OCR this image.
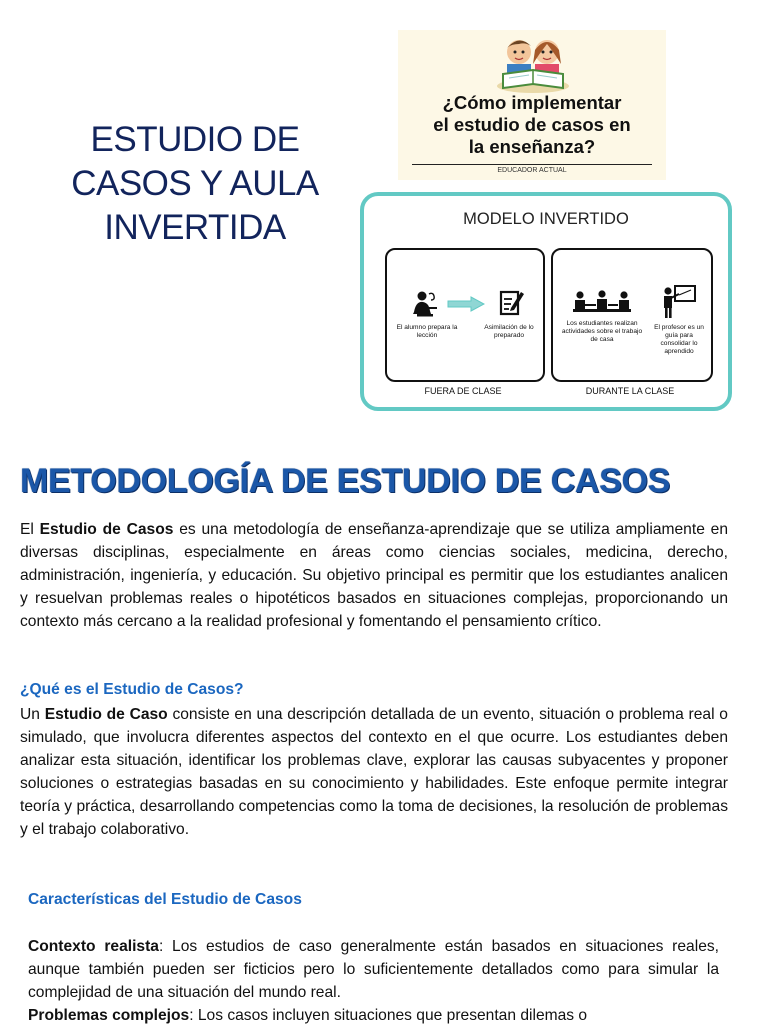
ESTUDIO DE
CASOS Y AULA
INVERTIDA
¿Cómo implementar
el estudio de casos en
la enseñanza?
EDUCADOR ACTUAL
MODELO INVERTIDO
El alumno prepara la lección
Asimilación de lo preparado
FUERA DE CLASE
Los estudiantes realizan actividades sobre el trabajo de casa
El profesor es un guía para consolidar lo aprendido
DURANTE LA CLASE
METODOLOGÍA DE ESTUDIO DE CASOS

El Estudio de Casos es una metodología de enseñanza-aprendizaje que se utiliza ampliamente en diversas disciplinas, especialmente en áreas como ciencias sociales, medicina, derecho, administración, ingeniería, y educación. Su objetivo principal es permitir que los estudiantes analicen y resuelvan problemas reales o hipotéticos basados en situaciones complejas, proporcionando un contexto más cercano a la realidad profesional y fomentando el pensamiento crítico.

¿Qué es el Estudio de Casos?

Un Estudio de Caso consiste en una descripción detallada de un evento, situación o problema real o simulado, que involucra diferentes aspectos del contexto en el que ocurre. Los estudiantes deben analizar esta situación, identificar los problemas clave, explorar las causas subyacentes y proponer soluciones o estrategias basadas en su conocimiento y habilidades. Este enfoque permite integrar teoría y práctica, desarrollando competencias como la toma de decisiones, la resolución de problemas y el trabajo colaborativo.

Características del Estudio de Casos

Contexto realista: Los estudios de caso generalmente están basados en situaciones reales, aunque también pueden ser ficticios pero lo suficientemente detallados como para simular la complejidad de una situación del mundo real.

Problemas complejos: Los casos incluyen situaciones que presentan dilemas o
